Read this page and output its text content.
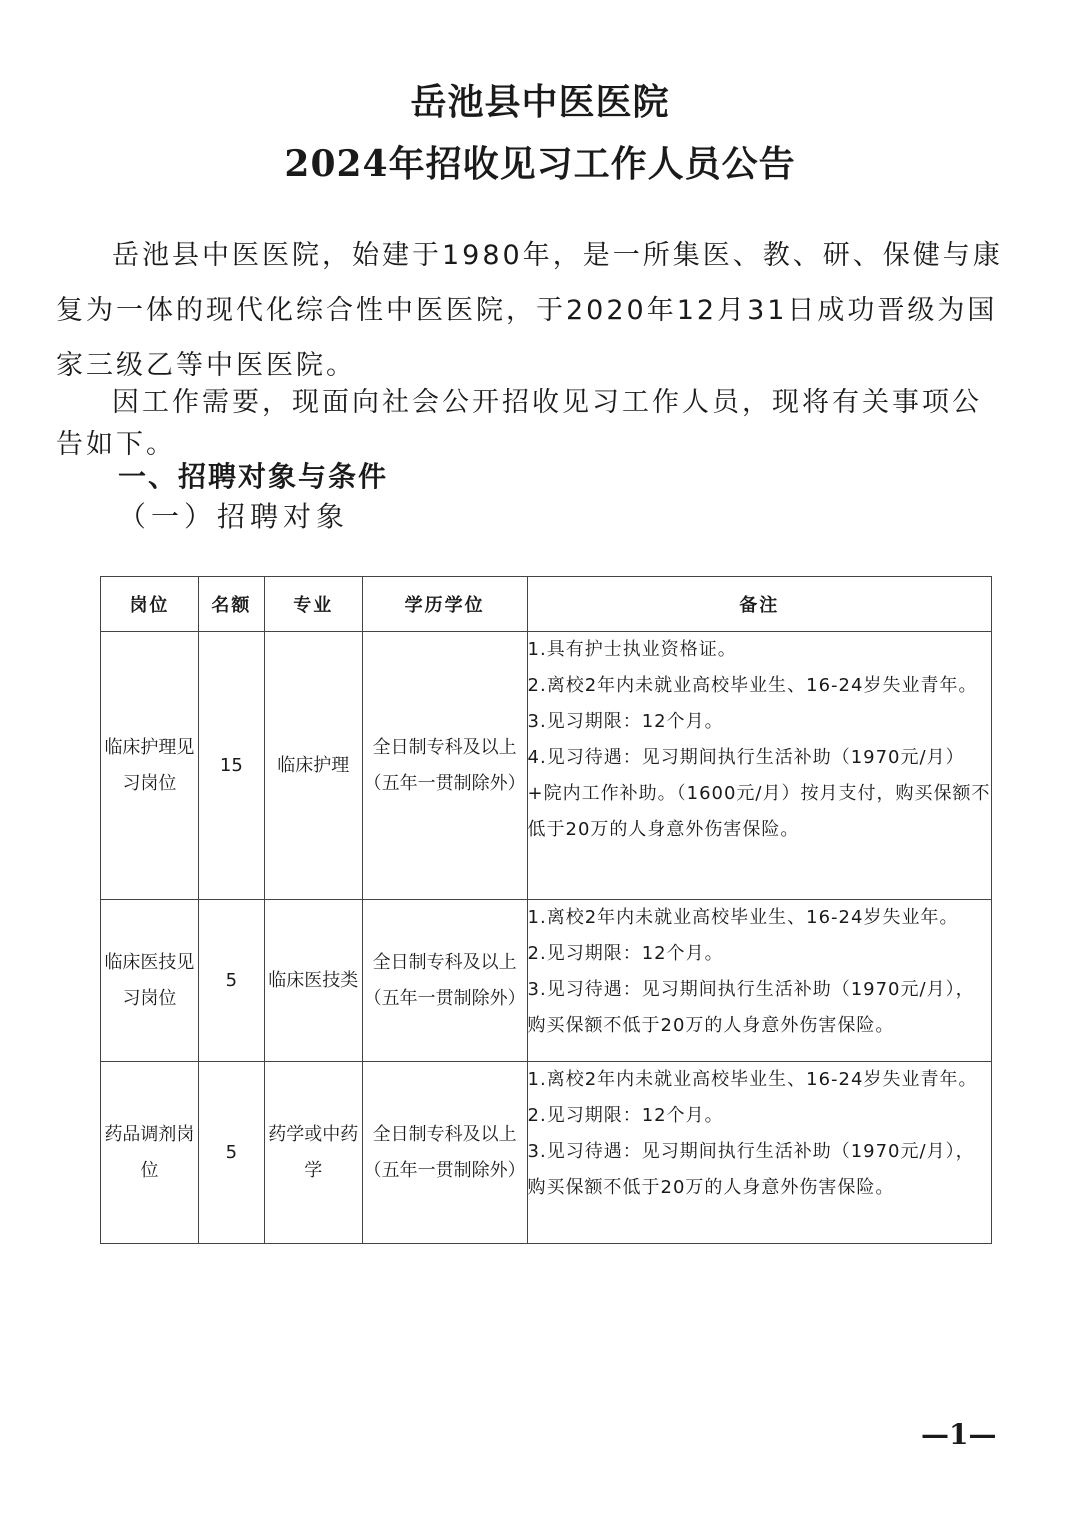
岳池县中医医院
2024年招收见习工作人员公告

岳池县中医医院，始建于1980年，是一所集医、教、研、保健与康复为一体的现代化综合性中医医院，于2020年12月31日成功晋级为国家三级乙等中医医院。

因工作需要，现面向社会公开招收见习工作人员，现将有关事项公告如下。

一、招聘对象与条件
（一）招聘对象
岗位	名额	专业	学历学位	备注
临床护理见习岗位	15	临床护理	全日制专科及以上（五年一贯制除外）	1.具有护士执业资格证。
2.离校2年内未就业高校毕业生、16-24岁失业青年。
3.见习期限：12个月。
4.见习待遇：见习期间执行生活补助（1970元/月）+院内工作补助。（1600元/月）按月支付，购买保额不低于20万的人身意外伤害保险。

临床医技见习岗位	5	临床医技类	全日制专科及以上（五年一贯制除外）	1.离校2年内未就业高校毕业生、16-24岁失业年。
2.见习期限：12个月。
3.见习待遇：见习期间执行生活补助（1970元/月），购买保额不低于20万的人身意外伤害保险。

药品调剂岗位	5	药学或中药学	全日制专科及以上（五年一贯制除外）	1.离校2年内未就业高校毕业生、16-24岁失业青年。
2.见习期限：12个月。
3.见习待遇：见习期间执行生活补助（1970元/月），购买保额不低于20万的人身意外伤害保险。
—1—
